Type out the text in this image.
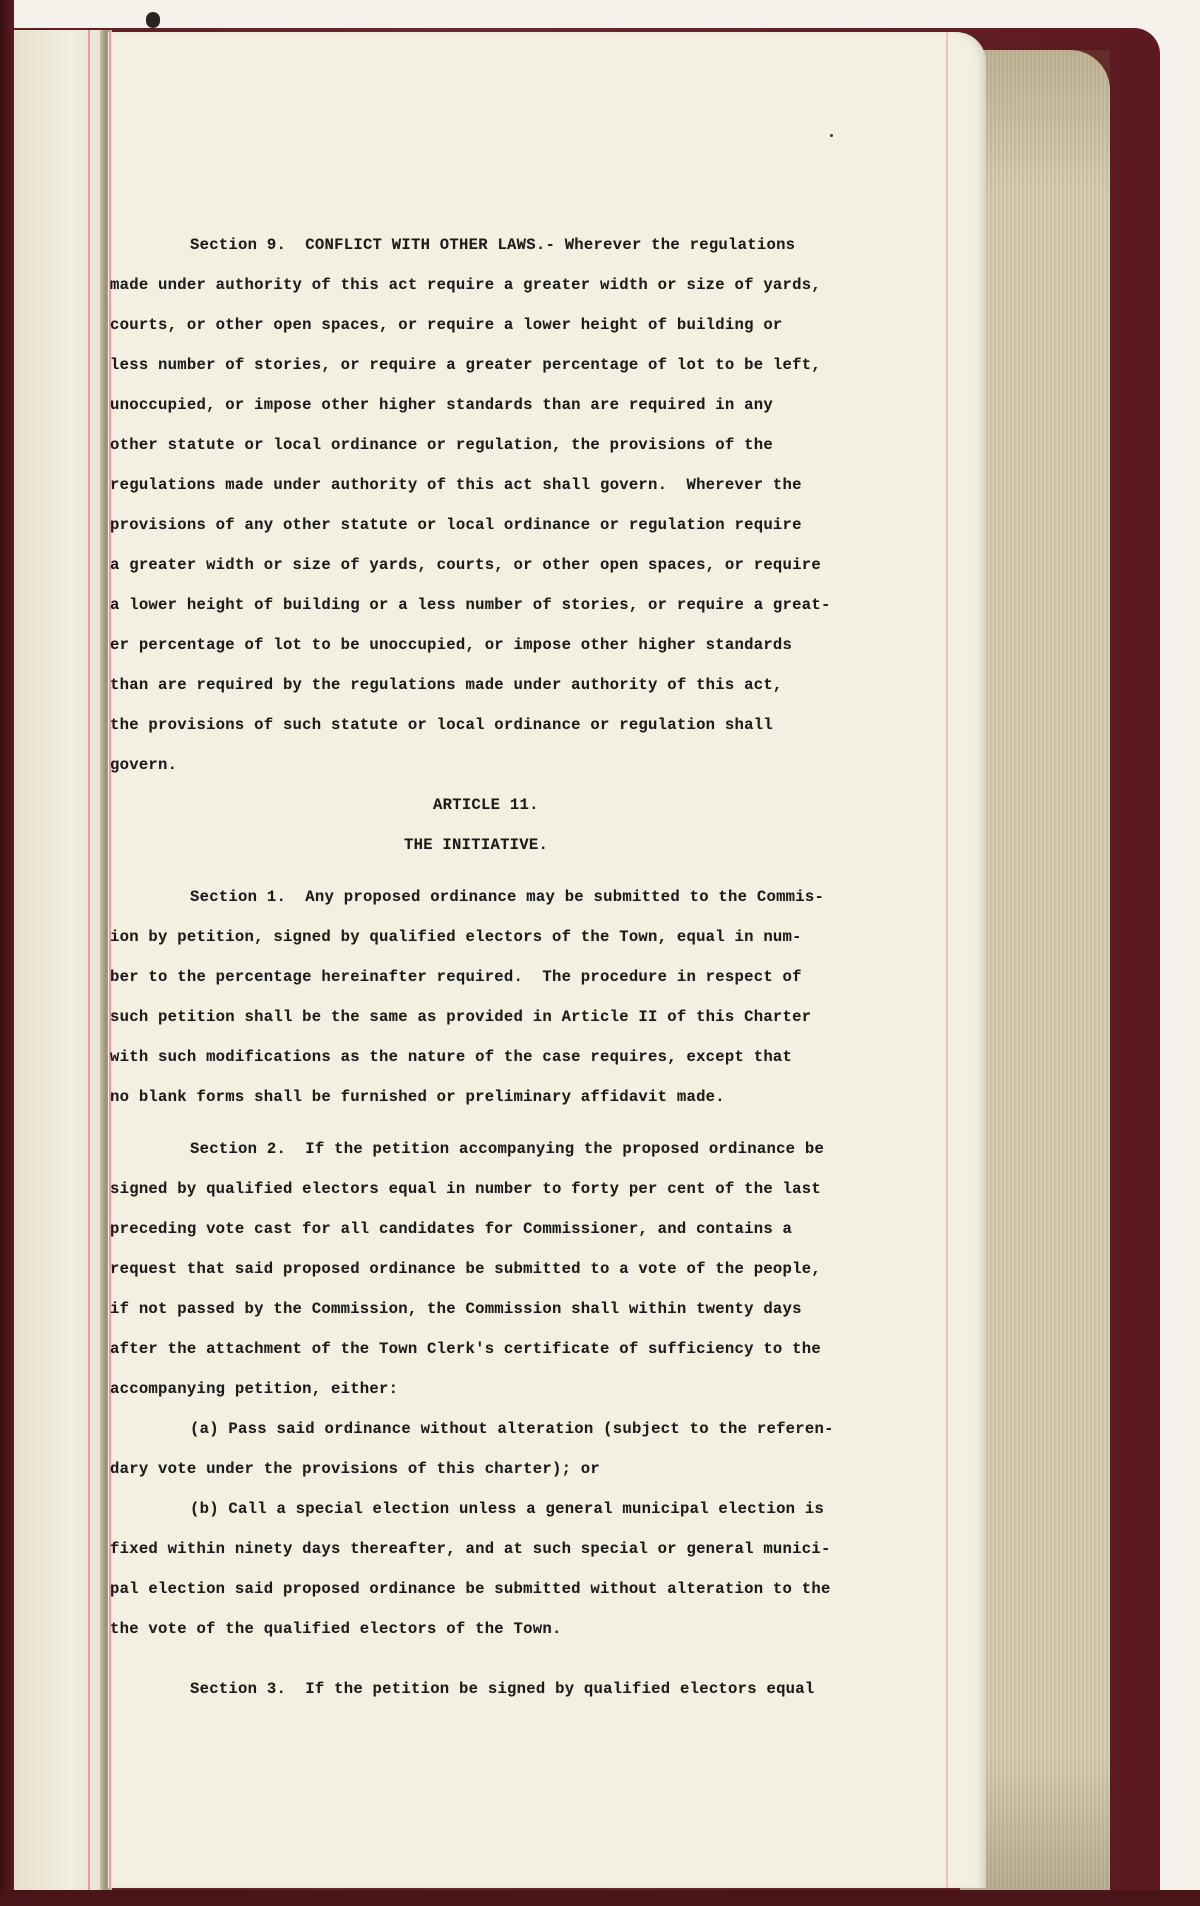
Section 9.  CONFLICT WITH OTHER LAWS.- Wherever the regulations
made under authority of this act require a greater width or size of yards,
courts, or other open spaces, or require a lower height of building or
less number of stories, or require a greater percentage of lot to be left,
unoccupied, or impose other higher standards than are required in any
other statute or local ordinance or regulation, the provisions of the
regulations made under authority of this act shall govern.  Wherever the
provisions of any other statute or local ordinance or regulation require
a greater width or size of yards, courts, or other open spaces, or require
a lower height of building or a less number of stories, or require a great-
er percentage of lot to be unoccupied, or impose other higher standards
than are required by the regulations made under authority of this act,
the provisions of such statute or local ordinance or regulation shall
govern.
ARTICLE 11.
THE INITIATIVE.
Section 1.  Any proposed ordinance may be submitted to the Commis-
ion by petition, signed by qualified electors of the Town, equal in num-
ber to the percentage hereinafter required.  The procedure in respect of
such petition shall be the same as provided in Article II of this Charter
with such modifications as the nature of the case requires, except that
no blank forms shall be furnished or preliminary affidavit made.
Section 2.  If the petition accompanying the proposed ordinance be
signed by qualified electors equal in number to forty per cent of the last
preceding vote cast for all candidates for Commissioner, and contains a
request that said proposed ordinance be submitted to a vote of the people,
if not passed by the Commission, the Commission shall within twenty days
after the attachment of the Town Clerk's certificate of sufficiency to the
accompanying petition, either:
(a) Pass said ordinance without alteration (subject to the referen-
dary vote under the provisions of this charter); or
(b) Call a special election unless a general municipal election is
fixed within ninety days thereafter, and at such special or general munici-
pal election said proposed ordinance be submitted without alteration to the
the vote of the qualified electors of the Town.
Section 3.  If the petition be signed by qualified electors equal
